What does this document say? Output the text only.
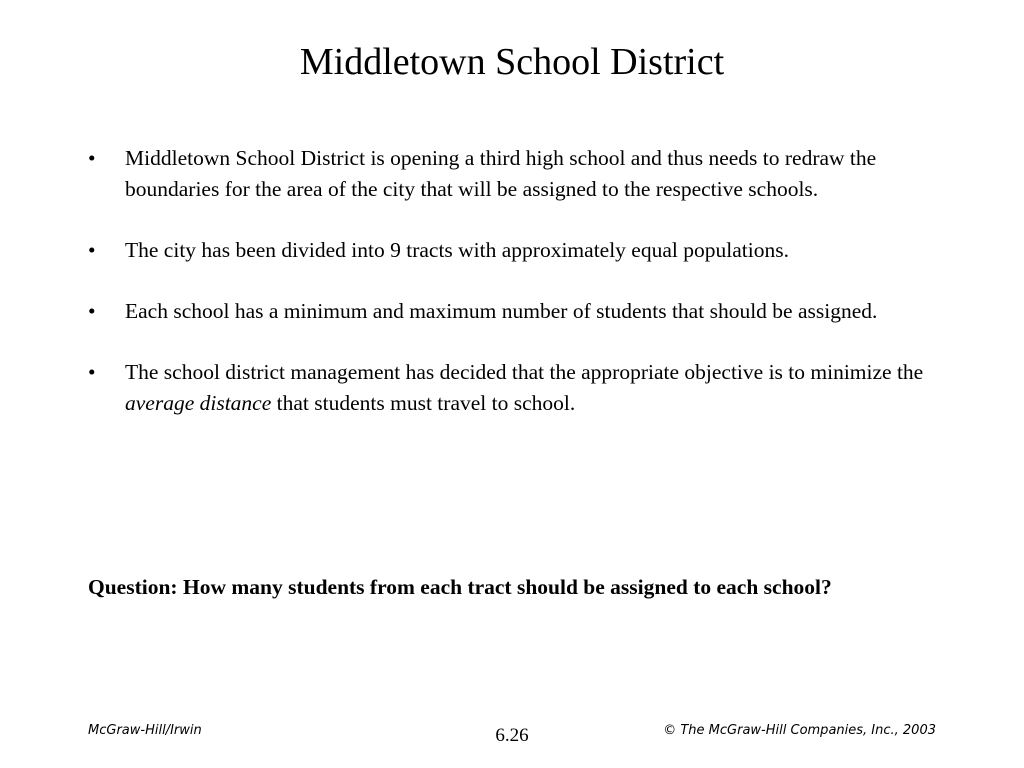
Middletown School District
• Middletown School District is opening a third high school and thus needs to redraw the boundaries for the area of the city that will be assigned to the respective schools.
• The city has been divided into 9 tracts with approximately equal populations.
• Each school has a minimum and maximum number of students that should be assigned.
• The school district management has decided that the appropriate objective is to minimize the average distance that students must travel to school.
Question: How many students from each tract should be assigned to each school?
McGraw-Hill/Irwin	6.26	© The McGraw-Hill Companies, Inc., 2003
